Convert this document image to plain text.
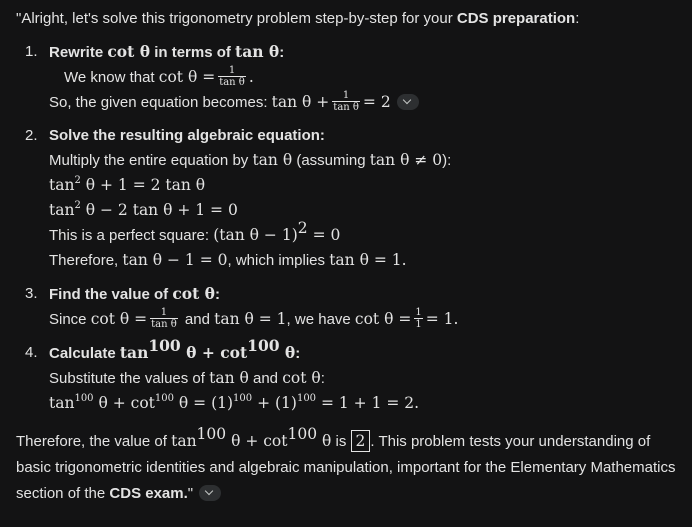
"Alright, let's solve this trigonometry problem step-by-step for your CDS preparation:

1. Rewrite cot θ in terms of tan θ:
We know that $\cot \theta = \frac{1}{\text{tan θ}}$ .
So, the given equation becomes: $\tan \theta + \frac{1}{\text{tan θ}} = 2$
2. Solve the resulting algebraic equation:
Multiply the entire equation by tan θ (assuming tan θ ≠ 0):
$\tan^2 \theta + 1 = 2$ tan θ
$\tan^2 \theta - 2$ tan θ + 1 = 0
This is a perfect square: (tan θ − 1)$^2$ = 0
Therefore, tan θ − 1 = 0, which implies tan θ = 1.
3. Find the value of cot θ:
Since $\cot \theta = \frac{1}{\text{tan θ}}$ and tan θ = 1, we have $\cot \theta = \frac{1}{1} = 1$.
4. Calculate $\tan^{100} \theta + \cot^{100} \theta$:
Substitute the values of tan θ and cot θ:
$\tan^{100} \theta + \cot^{100} \theta = (1)^{100} + (1)^{100} = 1 + 1 = 2$.

Therefore, the value of $\tan^{100} \theta + \cot^{100} \theta$ is 2 . This problem tests your understanding of basic trigonometric identities and algebraic manipulation, important for the Elementary Mathematics section of the CDS exam."
